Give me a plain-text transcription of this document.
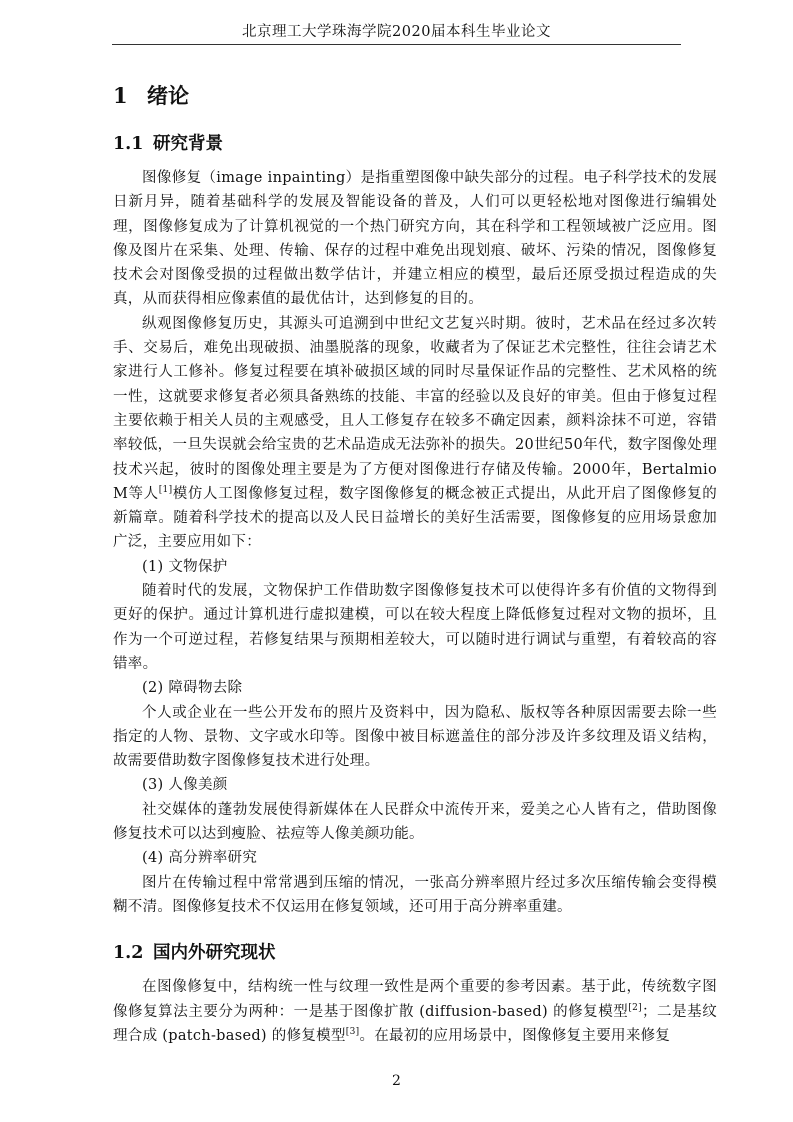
北京理工大学珠海学院2020届本科生毕业论文
1 绪论
1.1 研究背景

图像修复（image inpainting）是指重塑图像中缺失部分的过程。电子科学技术的发展日新月异，随着基础科学的发展及智能设备的普及，人们可以更轻松地对图像进行编辑处理，图像修复成为了计算机视觉的一个热门研究方向，其在科学和工程领域被广泛应用。图像及图片在采集、处理、传输、保存的过程中难免出现划痕、破坏、污染的情况，图像修复技术会对图像受损的过程做出数学估计，并建立相应的模型，最后还原受损过程造成的失真，从而获得相应像素值的最优估计，达到修复的目的。

纵观图像修复历史，其源头可追溯到中世纪文艺复兴时期。彼时，艺术品在经过多次转手、交易后，难免出现破损、油墨脱落的现象，收藏者为了保证艺术完整性，往往会请艺术家进行人工修补。修复过程要在填补破损区域的同时尽量保证作品的完整性、艺术风格的统一性，这就要求修复者必须具备熟练的技能、丰富的经验以及良好的审美。但由于修复过程主要依赖于相关人员的主观感受，且人工修复存在较多不确定因素，颜料涂抹不可逆，容错率较低，一旦失误就会给宝贵的艺术品造成无法弥补的损失。20世纪50年代，数字图像处理技术兴起，彼时的图像处理主要是为了方便对图像进行存储及传输。2000年，Bertalmio M等人[1]模仿人工图像修复过程，数字图像修复的概念被正式提出，从此开启了图像修复的新篇章。随着科学技术的提高以及人民日益增长的美好生活需要，图像修复的应用场景愈加广泛，主要应用如下：

(1) 文物保护

随着时代的发展，文物保护工作借助数字图像修复技术可以使得许多有价值的文物得到更好的保护。通过计算机进行虚拟建模，可以在较大程度上降低修复过程对文物的损坏，且作为一个可逆过程，若修复结果与预期相差较大，可以随时进行调试与重塑，有着较高的容错率。

(2) 障碍物去除

个人或企业在一些公开发布的照片及资料中，因为隐私、版权等各种原因需要去除一些指定的人物、景物、文字或水印等。图像中被目标遮盖住的部分涉及许多纹理及语义结构，故需要借助数字图像修复技术进行处理。

(3) 人像美颜

社交媒体的蓬勃发展使得新媒体在人民群众中流传开来，爱美之心人皆有之，借助图像修复技术可以达到瘦脸、祛痘等人像美颜功能。

(4) 高分辨率研究

图片在传输过程中常常遇到压缩的情况，一张高分辨率照片经过多次压缩传输会变得模糊不清。图像修复技术不仅运用在修复领域，还可用于高分辨率重建。

1.2 国内外研究现状

在图像修复中，结构统一性与纹理一致性是两个重要的参考因素。基于此，传统数字图像修复算法主要分为两种：一是基于图像扩散 (diffusion-based) 的修复模型[2]；二是基纹理合成 (patch-based) 的修复模型[3]。在最初的应用场景中，图像修复主要用来修复

2
